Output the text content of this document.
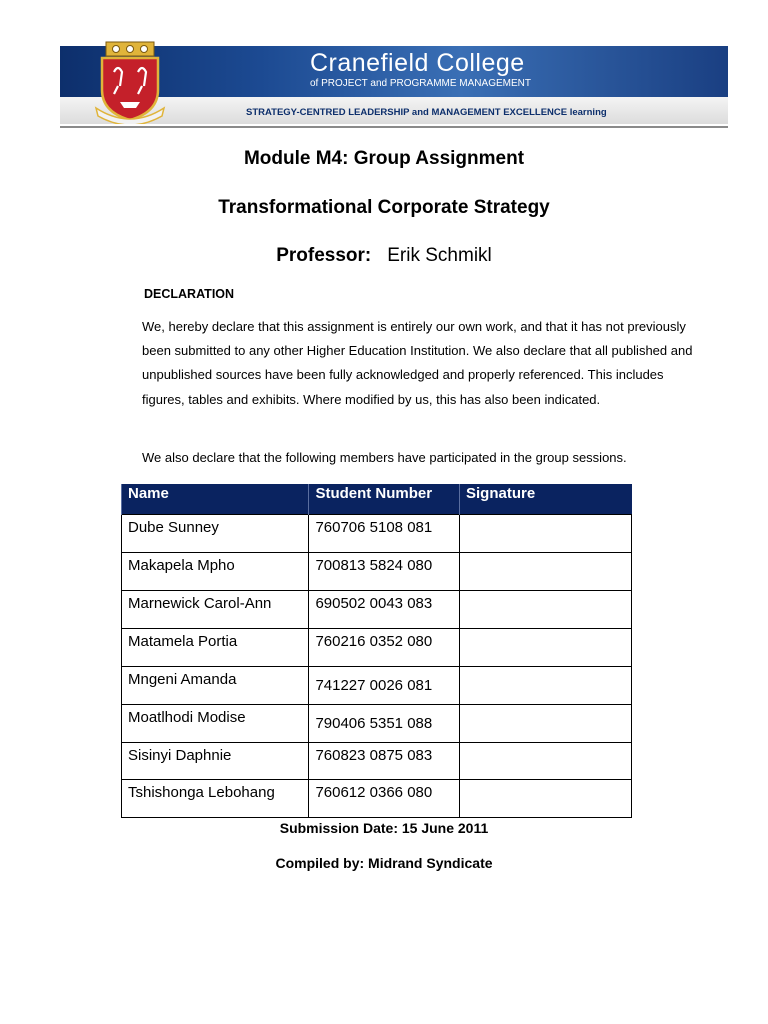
Cranefield College
of PROJECT and PROGRAMME MANAGEMENT
STRATEGY-CENTRED LEADERSHIP and MANAGEMENT EXCELLENCE learning
Module M4: Group Assignment
Transformational Corporate Strategy
Professor: Erik Schmikl
DECLARATION
We, hereby declare that this assignment is entirely our own work, and that it has not previously been submitted to any other Higher Education Institution. We also declare that all published and unpublished sources have been fully acknowledged and properly referenced. This includes figures, tables and exhibits. Where modified by us, this has also been indicated.
We also declare that the following members have participated in the group sessions.
Name	Student Number	Signature
Dube Sunney	760706 5108 081	
Makapela Mpho	700813 5824 080	
Marnewick Carol-Ann	690502 0043 083	
Matamela Portia	760216 0352 080	
Mngeni Amanda	741227 0026 081	
Moatlhodi Modise	790406 5351 088	
Sisinyi Daphnie	760823 0875 083	
Tshishonga Lebohang	760612 0366 080	
Submission Date: 15 June 2011
Compiled by: Midrand Syndicate
